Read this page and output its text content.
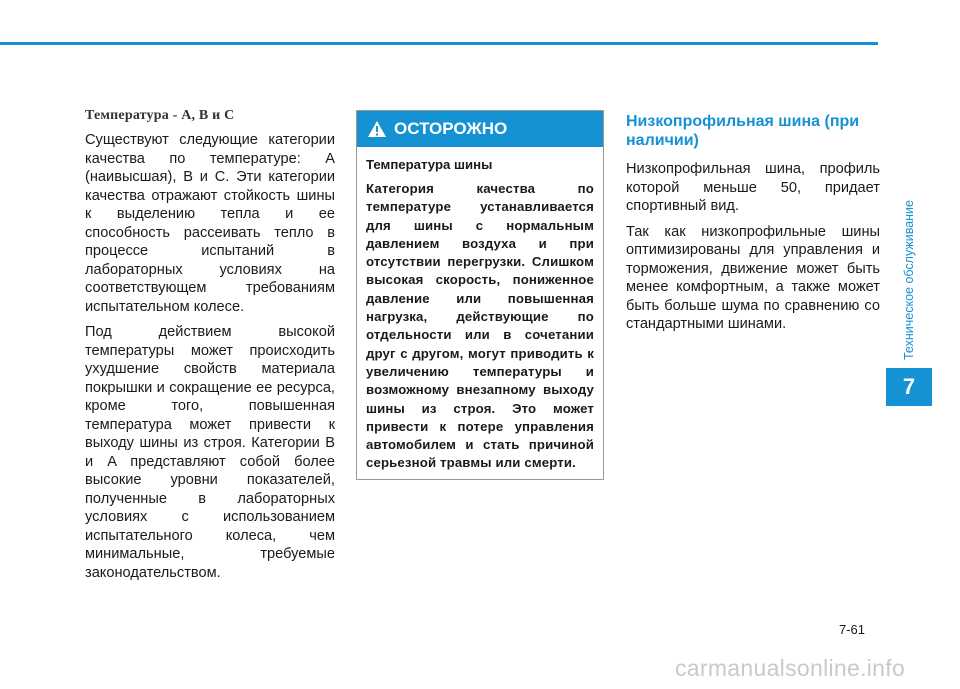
Температура - A, B и C

Существуют следующие категории качества по температуре: A (наивысшая), B и C. Эти категории качества отражают стойкость шины к выделению тепла и ее способность рассеивать тепло в процессе испытаний в лабораторных условиях на соответствующем требованиям испытательном колесе.

Под действием высокой температуры может происходить ухудшение свойств материала покрышки и сокращение ее ресурса, кроме того, повышенная температура может привести к выходу шины из строя. Категории B и A представляют собой более высокие уровни показателей, полученные в лабораторных условиях с использованием испытательного колеса, чем минимальные, требуемые законодательством.

ОСТОРОЖНО
Температура шины

Категория качества по температуре устанавливается для шины с нормальным давлением воздуха и при отсутствии перегрузки. Слишком высокая скорость, пониженное давление или повышенная нагрузка, действующие по отдельности или в сочетании друг с другом, могут приводить к увеличению температуры и возможному внезапному выходу шины из строя. Это может привести к потере управления автомобилем и стать причиной серьезной травмы или смерти.

Низкопрофильная шина (при наличии)

Низкопрофильная шина, профиль которой меньше 50, придает спортивный вид.

Так как низкопрофильные шины оптимизированы для управления и торможения, движение может быть менее комфортным, а также может быть больше шума по сравнению со стандартными шинами.	Техническое обслуживание
7
7-61
carmanualsonline.info
